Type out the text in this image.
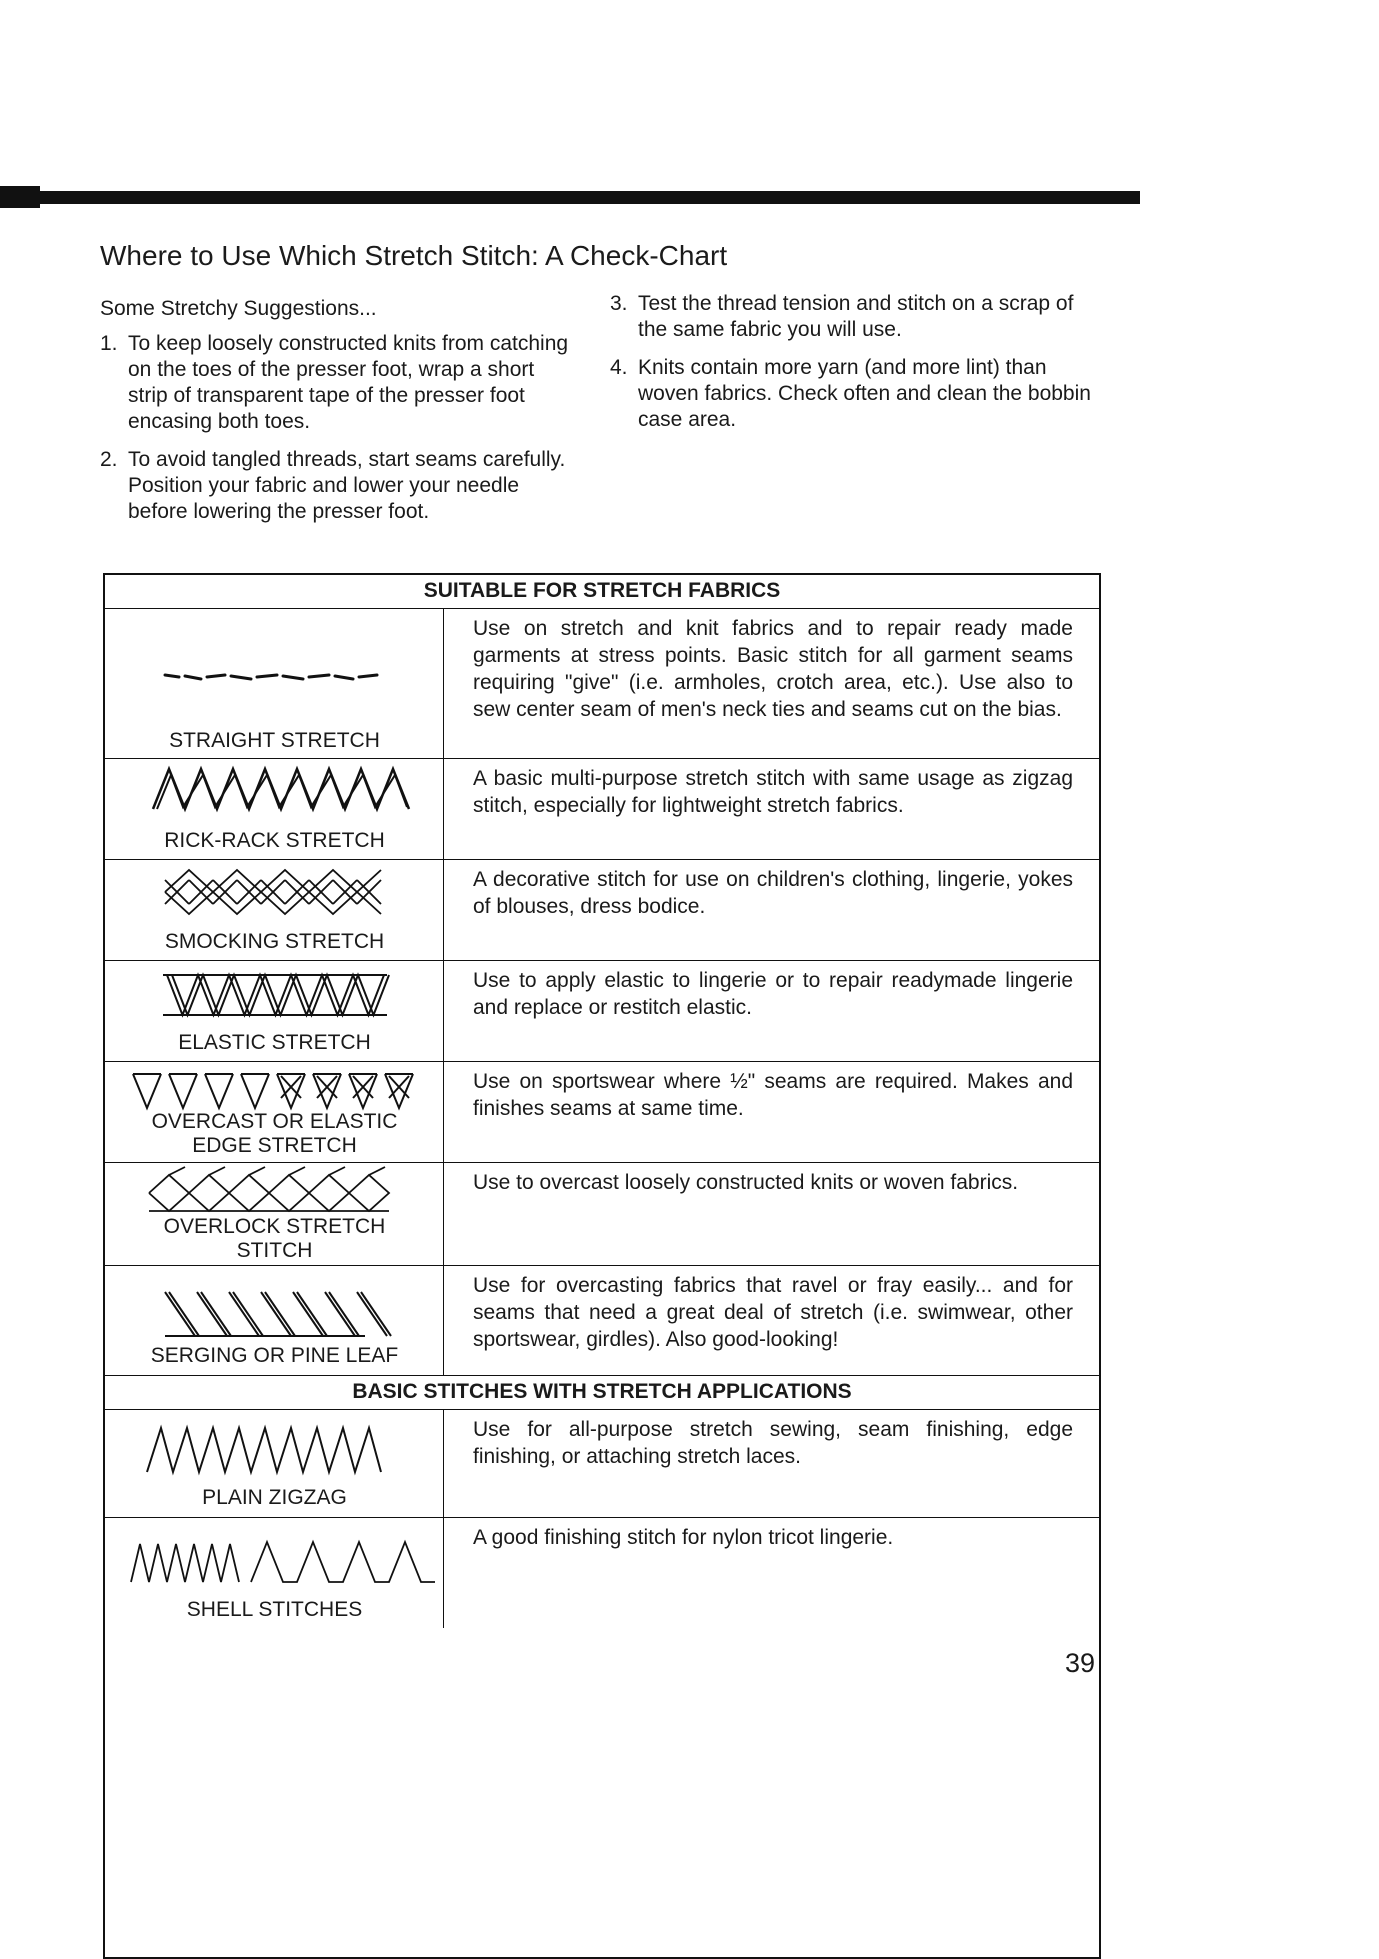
Where to Use Which Stretch Stitch: A Check-Chart
Some Stretchy Suggestions...
1. To keep loosely constructed knits from catching on the toes of the presser foot, wrap a short strip of transparent tape of the presser foot encasing both toes.
2. To avoid tangled threads, start seams carefully. Position your fabric and lower your needle before lowering the presser foot.
3. Test the thread tension and stitch on a scrap of the same fabric you will use.
4. Knits contain more yarn (and more lint) than woven fabrics. Check often and clean the bobbin case area.
SUITABLE FOR STRETCH FABRICS
STRAIGHT STRETCH
Use on stretch and knit fabrics and to repair ready made garments at stress points. Basic stitch for all garment seams requiring "give" (i.e. armholes, crotch area, etc.). Use also to sew center seam of men's neck ties and seams cut on the bias.
RICK-RACK STRETCH
A basic multi-purpose stretch stitch with same usage as zigzag stitch, especially for lightweight stretch fabrics.
SMOCKING STRETCH
A decorative stitch for use on children's clothing, lingerie, yokes of blouses, dress bodice.
ELASTIC STRETCH
Use to apply elastic to lingerie or to repair readymade lingerie and replace or restitch elastic.
OVERCAST OR ELASTIC
EDGE STRETCH
Use on sportswear where ½" seams are required. Makes and finishes seams at same time.
OVERLOCK STRETCH
STITCH
Use to overcast loosely constructed knits or woven fabrics.
SERGING OR PINE LEAF
Use for overcasting fabrics that ravel or fray easily... and for seams that need a great deal of stretch (i.e. swimwear, other sportswear, girdles). Also good-looking!
BASIC STITCHES WITH STRETCH APPLICATIONS
PLAIN ZIGZAG
Use for all-purpose stretch sewing, seam finishing, edge finishing, or attaching stretch laces.
SHELL STITCHES
A good finishing stitch for nylon tricot lingerie.
39
